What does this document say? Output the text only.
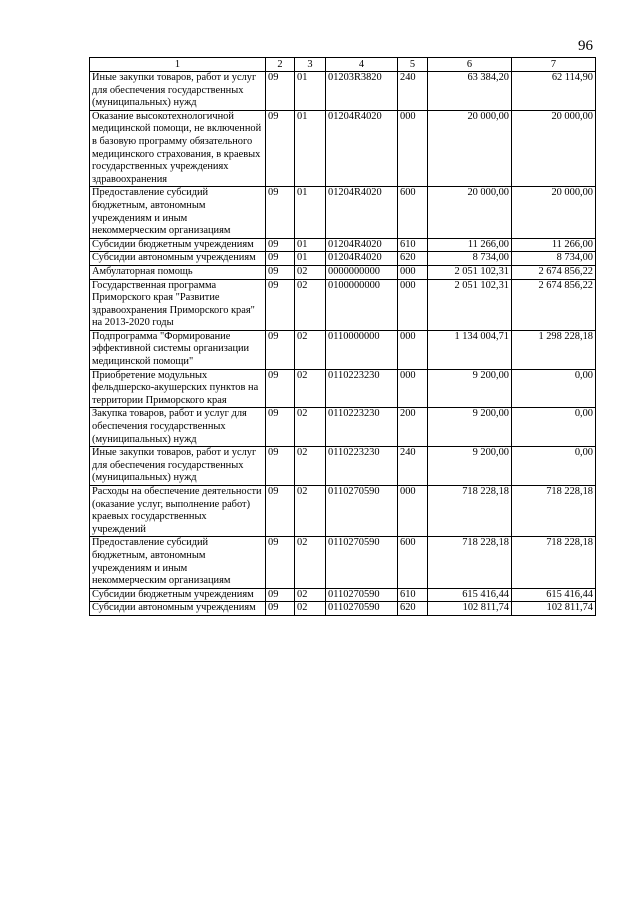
96
1	2	3	4	5	6	7
Иные закупки товаров, работ и услуг для обеспечения государственных (муниципальных) нужд	09	01	01203R3820	240	63 384,20	62 114,90
Оказание высокотехнологичной медицинской помощи, не включенной в базовую программу обязательного медицинского страхования, в краевых государственных учреждениях здравоохранения	09	01	01204R4020	000	20 000,00	20 000,00
Предоставление субсидий бюджетным, автономным учреждениям и иным некоммерческим организациям	09	01	01204R4020	600	20 000,00	20 000,00
Субсидии бюджетным учреждениям	09	01	01204R4020	610	11 266,00	11 266,00
Субсидии автономным учреждениям	09	01	01204R4020	620	8 734,00	8 734,00
Амбулаторная помощь	09	02	0000000000	000	2 051 102,31	2 674 856,22
Государственная программа Приморского края "Развитие здравоохранения Приморского края" на 2013-2020 годы	09	02	0100000000	000	2 051 102,31	2 674 856,22
Подпрограмма "Формирование эффективной системы организации медицинской помощи"	09	02	0110000000	000	1 134 004,71	1 298 228,18
Приобретение модульных фельдшерско-акушерских пунктов на территории Приморского края	09	02	0110223230	000	9 200,00	0,00
Закупка товаров, работ и услуг для обеспечения государственных (муниципальных) нужд	09	02	0110223230	200	9 200,00	0,00
Иные закупки товаров, работ и услуг для обеспечения государственных (муниципальных) нужд	09	02	0110223230	240	9 200,00	0,00
Расходы на обеспечение деятельности (оказание услуг, выполнение работ) краевых государственных учреждений	09	02	0110270590	000	718 228,18	718 228,18
Предоставление субсидий бюджетным, автономным учреждениям и иным некоммерческим организациям	09	02	0110270590	600	718 228,18	718 228,18
Субсидии бюджетным учреждениям	09	02	0110270590	610	615 416,44	615 416,44
Субсидии автономным учреждениям	09	02	0110270590	620	102 811,74	102 811,74
